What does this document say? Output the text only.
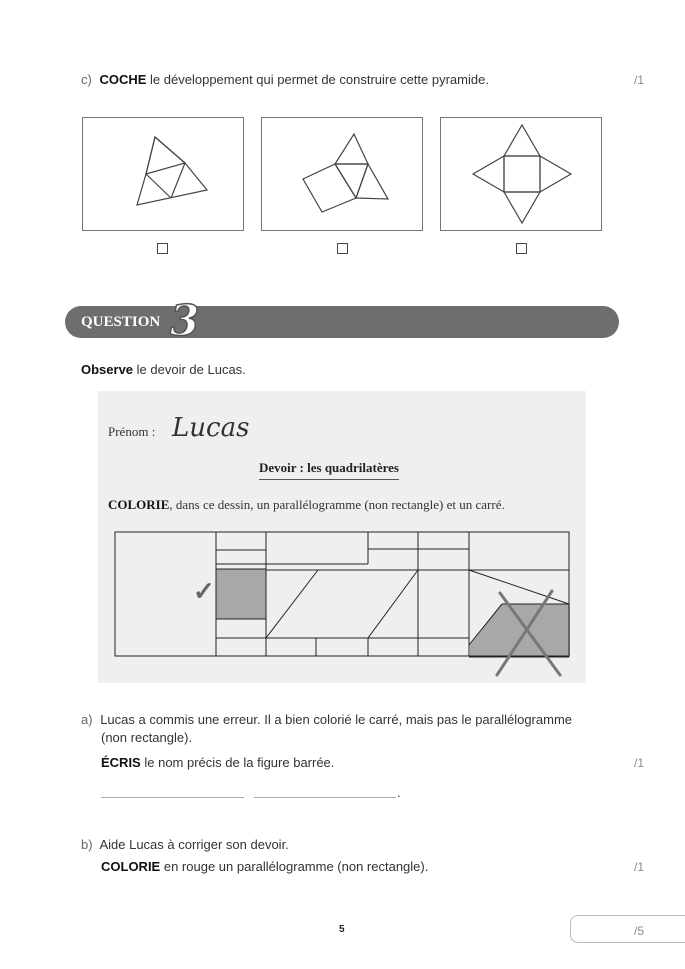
c) COCHE le développement qui permet de construire cette pyramide.	/1
QUESTION 3
Observe le devoir de Lucas.
Prénom : Lucas
Devoir : les quadrilatères
COLORIE, dans ce dessin, un parallélogramme (non rectangle) et un carré.
✓
a) Lucas a commis une erreur. Il a bien colorié le carré, mais pas le parallélogramme
(non rectangle).
ÉCRIS le nom précis de la figure barrée.	/1
.
b) Aide Lucas à corriger son devoir.
COLORIE en rouge un parallélogramme (non rectangle).	/1
5	/5
